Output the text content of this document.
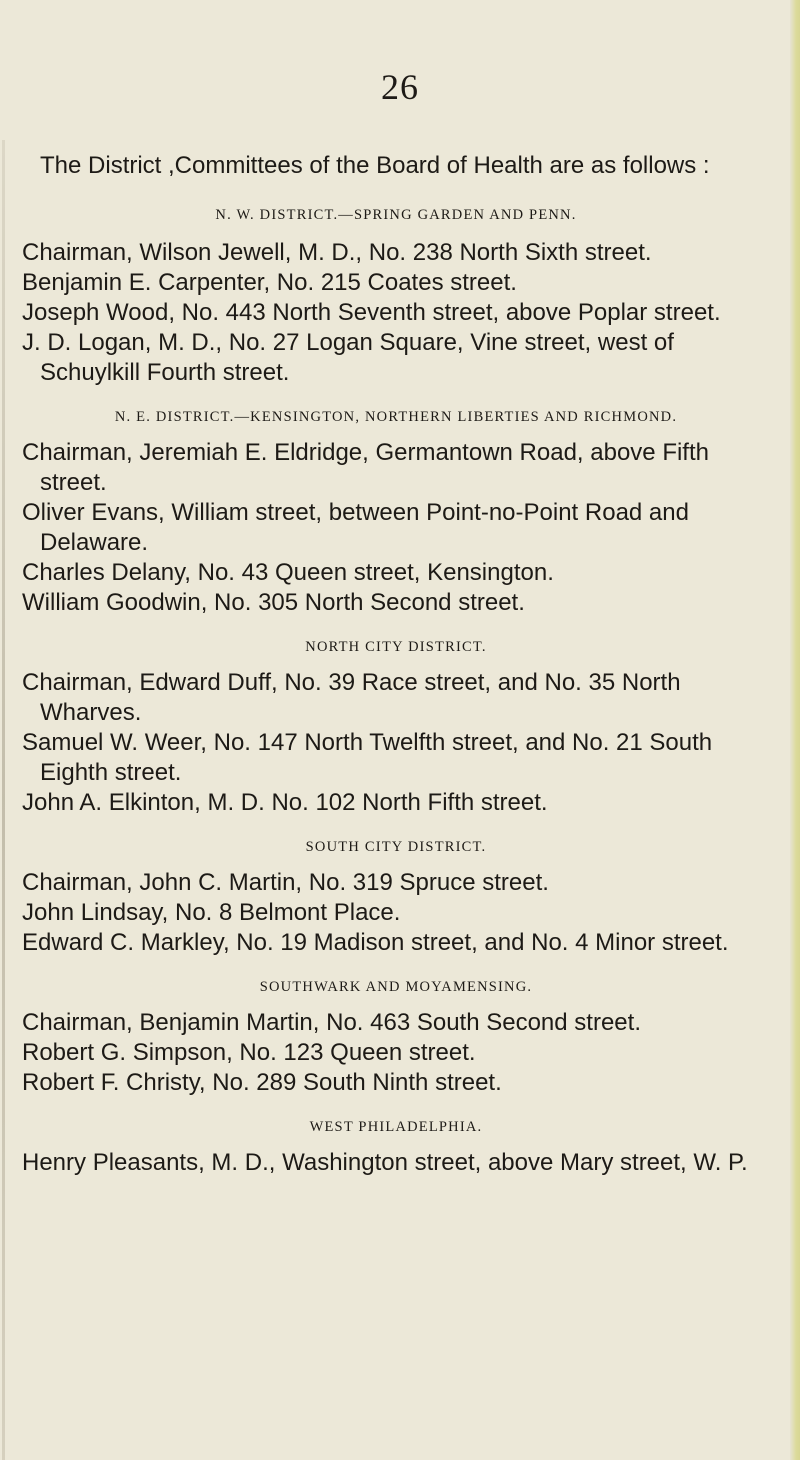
26

The District ,Committees of the Board of Health are as follows :

N. W. DISTRICT.—SPRING GARDEN AND PENN.

Chairman, Wilson Jewell, M. D., No. 238 North Sixth street.

Benjamin E. Carpenter, No. 215 Coates street.

Joseph Wood, No. 443 North Seventh street, above Poplar street.

J. D. Logan, M. D., No. 27 Logan Square, Vine street, west of Schuylkill Fourth street.

N. E. DISTRICT.—KENSINGTON, NORTHERN LIBERTIES AND RICHMOND.

Chairman, Jeremiah E. Eldridge, Germantown Road, above Fifth street.

Oliver Evans, William street, between Point-no-Point Road and Delaware.

Charles Delany, No. 43 Queen street, Kensington.

William Goodwin, No. 305 North Second street.

NORTH CITY DISTRICT.

Chairman, Edward Duff, No. 39 Race street, and No. 35 North Wharves.

Samuel W. Weer, No. 147 North Twelfth street, and No. 21 South Eighth street.

John A. Elkinton, M. D. No. 102 North Fifth street.

SOUTH CITY DISTRICT.

Chairman, John C. Martin, No. 319 Spruce street.

John Lindsay, No. 8 Belmont Place.

Edward C. Markley, No. 19 Madison street, and No. 4 Minor street.

SOUTHWARK AND MOYAMENSING.

Chairman, Benjamin Martin, No. 463 South Second street.

Robert G. Simpson, No. 123 Queen street.

Robert F. Christy, No. 289 South Ninth street.

WEST PHILADELPHIA.

Henry Pleasants, M. D., Washington street, above Mary street, W. P.
